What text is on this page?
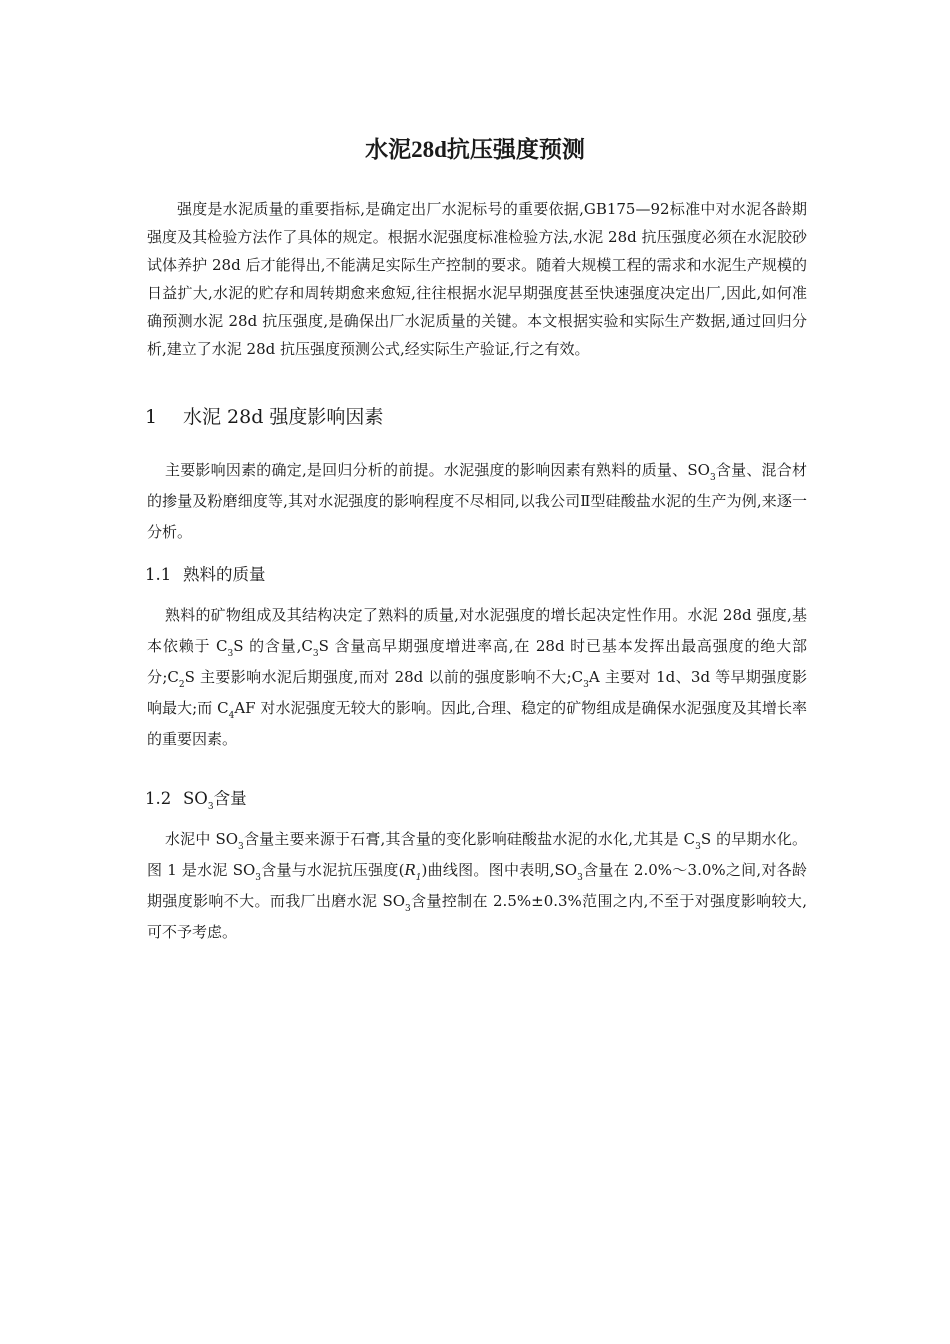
水泥28d抗压强度预测

强度是水泥质量的重要指标,是确定出厂水泥标号的重要依据,GB175—92标准中对水泥各龄期强度及其检验方法作了具体的规定。根据水泥强度标准检验方法,水泥 28d 抗压强度必须在水泥胶砂试体养护 28d 后才能得出,不能满足实际生产控制的要求。随着大规模工程的需求和水泥生产规模的日益扩大,水泥的贮存和周转期愈来愈短,往往根据水泥早期强度甚至快速强度决定出厂,因此,如何准确预测水泥 28d 抗压强度,是确保出厂水泥质量的关键。本文根据实验和实际生产数据,通过回归分析,建立了水泥 28d 抗压强度预测公式,经实际生产验证,行之有效。

1 水泥 28d 强度影响因素

主要影响因素的确定,是回归分析的前提。水泥强度的影响因素有熟料的质量、$SO_3$含量、混合材的掺量及粉磨细度等,其对水泥强度的影响程度不尽相同,以我公司Ⅱ型硅酸盐水泥的生产为例,来逐一分析。

1.1 熟料的质量

熟料的矿物组成及其结构决定了熟料的质量,对水泥强度的增长起决定性作用。水泥 28d 强度,基本依赖于 $C_3S$ 的含量$,C_3S$ 含量高早期强度增进率高,在 28d 时已基本发挥出最高强度的绝大部分$;C_2S$ 主要影响水泥后期强度,而对 28d 以前的强度影响不大$;C_3A$ 主要对 1d、3d 等早期强度影响最大;而 $C_4AF$ 对水泥强度无较大的影响。因此,合理、稳定的矿物组成是确保水泥强度及其增长率的重要因素。

1.2 $SO_3$含量

水泥中 $SO_3$含量主要来源于石膏,其含量的变化影响硅酸盐水泥的水化,尤其是 $C_3S$ 的早期水化。图 1 是水泥 $SO_3$含量与水泥抗压强度$(R_1)$曲线图。图中表明$,SO_3$含量在 2.0%～3.0%之间,对各龄期强度影响不大。而我厂出磨水泥 $SO_3$含量控制在 2.5%±0.3%范围之内,不至于对强度影响较大,可不予考虑。
